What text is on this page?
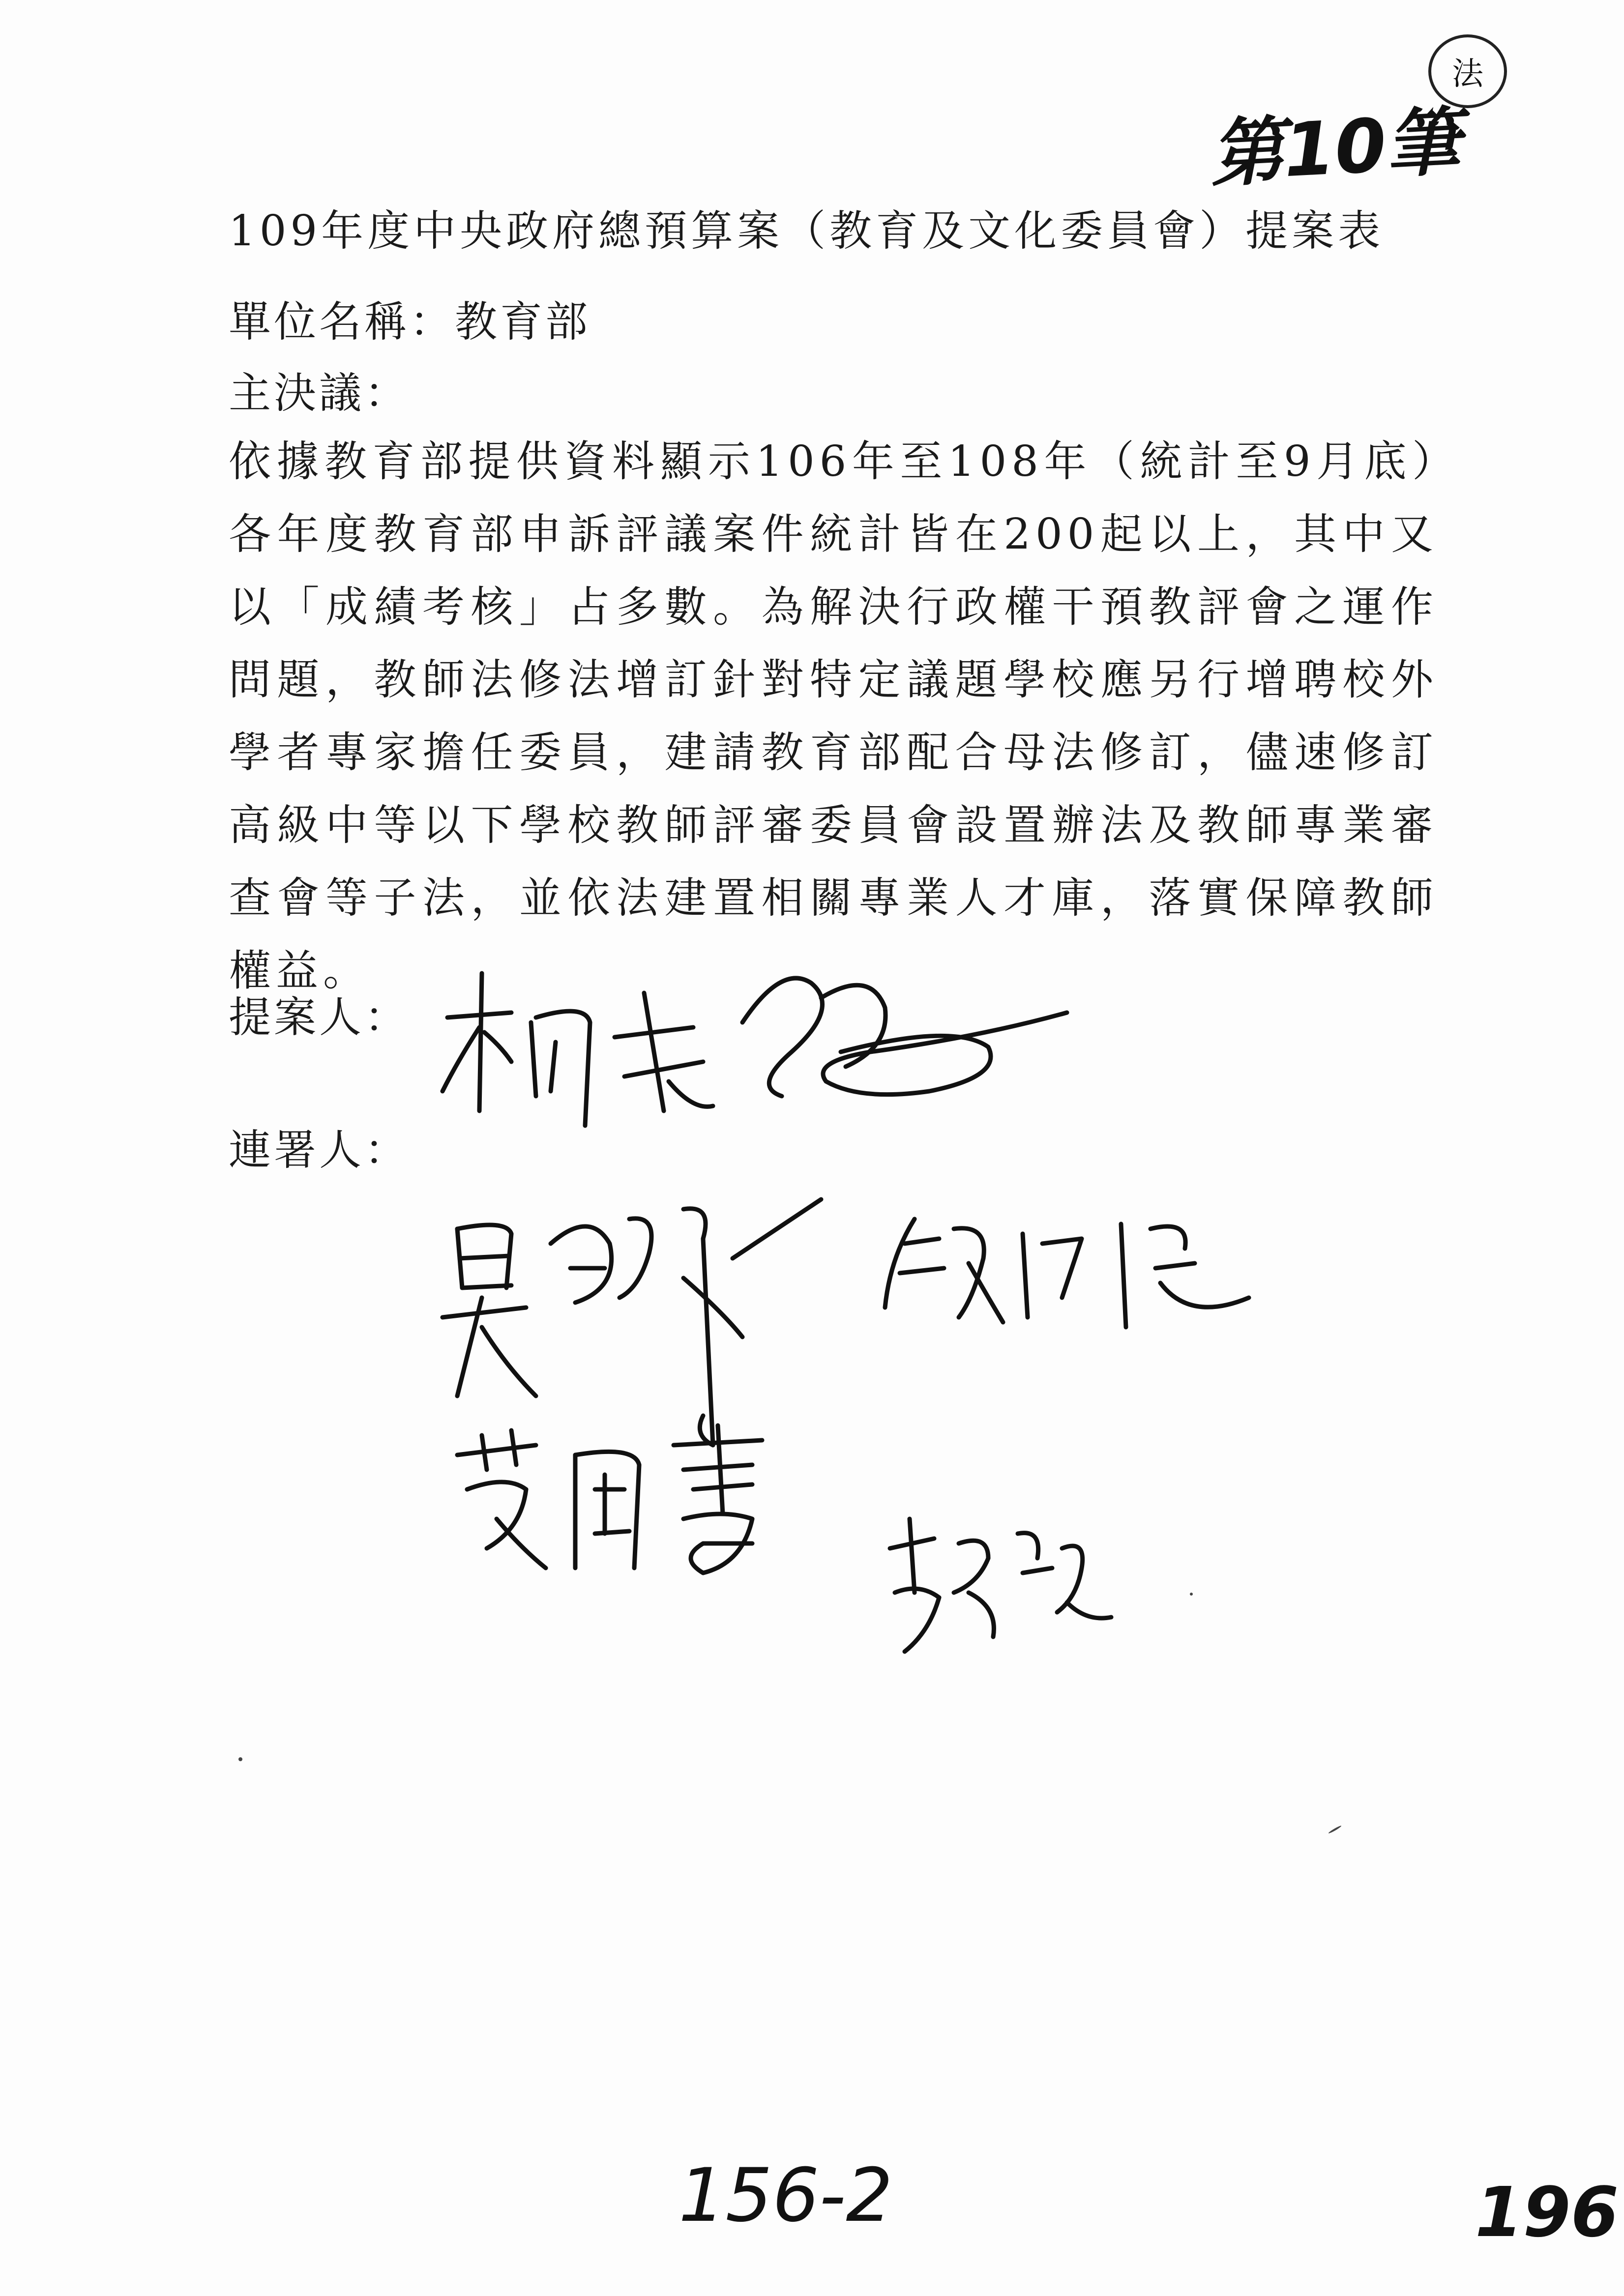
第10筆
法
109年度中央政府總預算案（教育及文化委員會）提案表
單位名稱：教育部
主決議：
依據教育部提供資料顯示106年至108年（統計至9月底）各年度教育部申訴評議案件統計皆在200起以上，其中又以「成績考核」占多數。為解決行政權干預教評會之運作問題，教師法修法增訂針對特定議題學校應另行增聘校外學者專家擔任委員，建請教育部配合母法修訂，儘速修訂高級中等以下學校教師評審委員會設置辦法及教師專業審查會等子法，並依法建置相關專業人才庫，落實保障教師權益。
提案人：
連署人：
156-2	196
